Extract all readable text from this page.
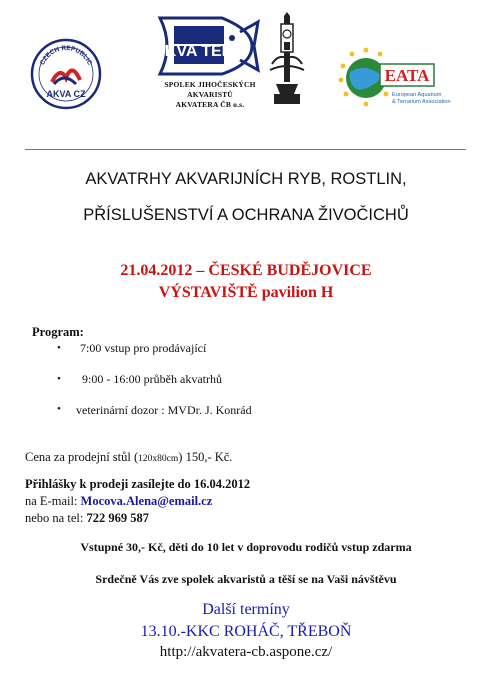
CZECH REPUBLIC
AKVA CZ
AKVA TERA
SPOLEK JIHOČESKÝCH
AKVARISTŮ
AKVATERA ČB o.s.
EATA
European Aquarium
& Terrarium Association
AKVATRHY AKVARIJNÍCH RYB, ROSTLIN,
PŘÍSLUŠENSTVÍ A OCHRANA ŽIVOČICHŮ
21.04.2012 – ČESKÉ BUDĚJOVICE
VÝSTAVIŠTĚ pavilion H
Program:
• 7:00 vstup pro prodávající
• 9:00 - 16:00 průběh akvatrhů
• veterinární dozor : MVDr. J. Konrád
Cena za prodejní stůl (120x80cm) 150,- Kč.
Přihlášky k prodeji zasílejte do 16.04.2012
na E-mail: Mocova.Alena@email.cz
nebo na tel: 722 969 587
Vstupné 30,- Kč, děti do 10 let v doprovodu rodičů vstup zdarma
Srdečně Vás zve spolek akvaristů a těší se na Vaši návštěvu
Další termíny
13.10.-KKC ROHÁČ, TŘEBOŇ
http://akvatera-cb.aspone.cz/
